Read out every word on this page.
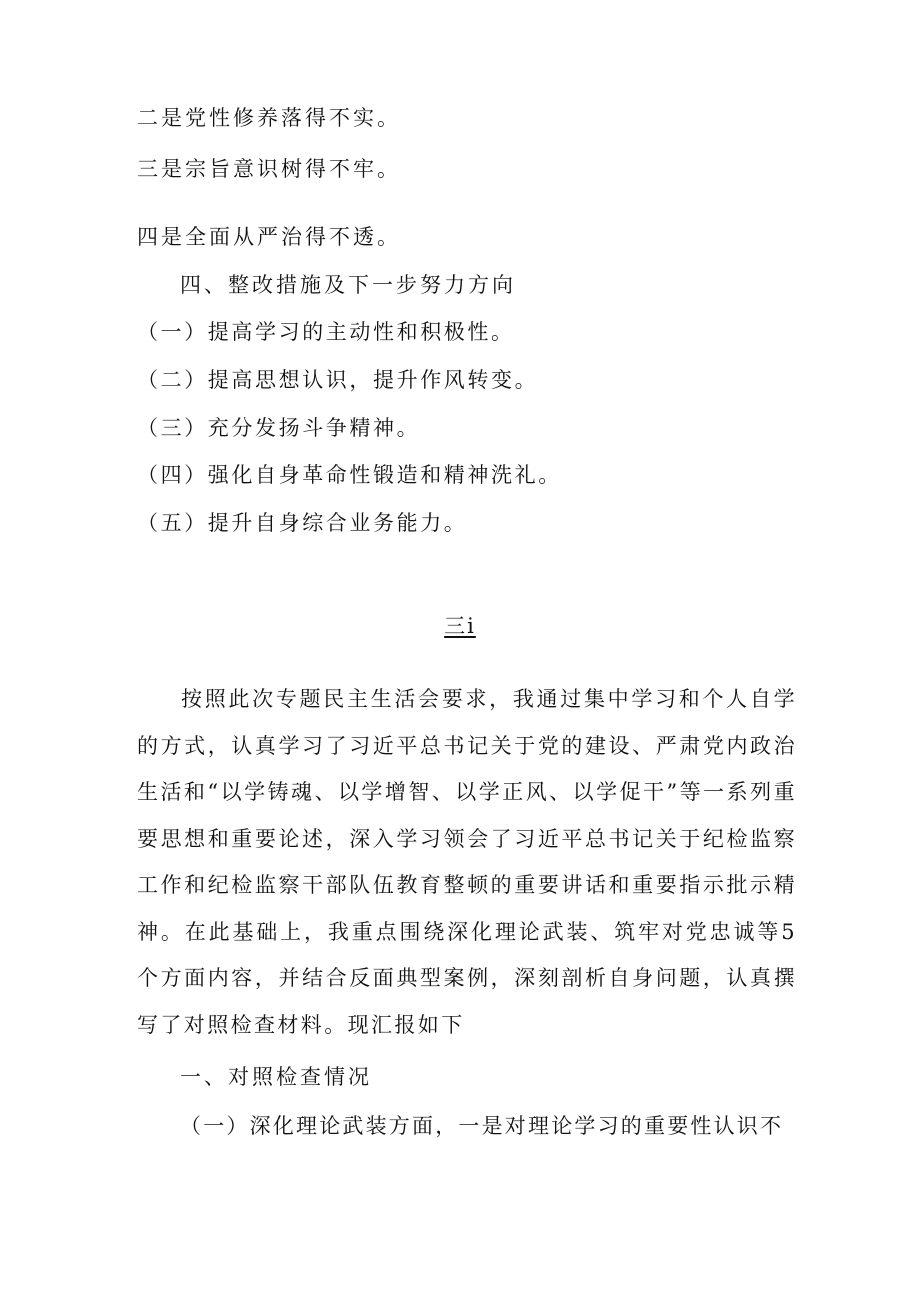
二是党性修养落得不实。
三是宗旨意识树得不牢。
四是全面从严治得不透。
四、整改措施及下一步努力方向
（一）提高学习的主动性和积极性。
（二）提高思想认识，提升作风转变。
（三）充分发扬斗争精神。
（四）强化自身革命性锻造和精神洗礼。
（五）提升自身综合业务能力。
三i
按照此次专题民主生活会要求，我通过集中学习和个人自学的方式，认真学习了习近平总书记关于党的建设、严肃党内政治生活和“以学铸魂、以学增智、以学正风、以学促干”等一系列重要思想和重要论述，深入学习领会了习近平总书记关于纪检监察工作和纪检监察干部队伍教育整顿的重要讲话和重要指示批示精神。在此基础上，我重点围绕深化理论武装、筑牢对党忠诚等5个方面内容，并结合反面典型案例，深刻剖析自身问题，认真撰写了对照检查材料。现汇报如下
一、对照检查情况
（一）深化理论武装方面，一是对理论学习的重要性认识不
